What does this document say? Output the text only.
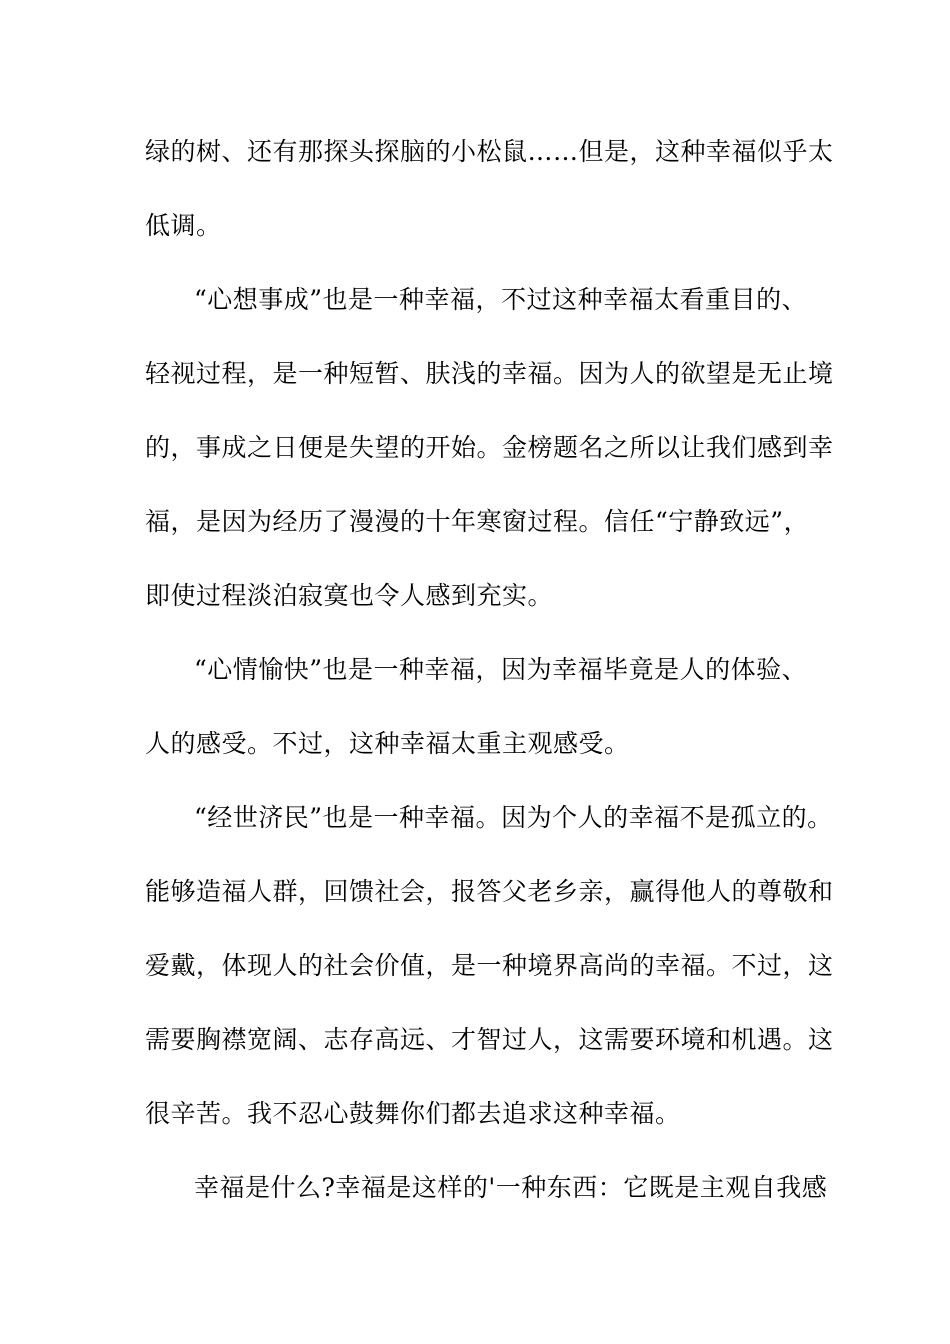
绿的树、还有那探头探脑的小松鼠……但是，这种幸福似乎太
低调。
“心想事成”也是一种幸福，不过这种幸福太看重目的、
轻视过程，是一种短暂、肤浅的幸福。因为人的欲望是无止境
的，事成之日便是失望的开始。金榜题名之所以让我们感到幸
福，是因为经历了漫漫的十年寒窗过程。信任“宁静致远”，
即使过程淡泊寂寞也令人感到充实。
“心情愉快”也是一种幸福，因为幸福毕竟是人的体验、
人的感受。不过，这种幸福太重主观感受。
“经世济民”也是一种幸福。因为个人的幸福不是孤立的。
能够造福人群，回馈社会，报答父老乡亲，赢得他人的尊敬和
爱戴，体现人的社会价值，是一种境界高尚的幸福。不过，这
需要胸襟宽阔、志存高远、才智过人，这需要环境和机遇。这
很辛苦。我不忍心鼓舞你们都去追求这种幸福。
幸福是什么?幸福是这样的'一种东西：它既是主观自我感
